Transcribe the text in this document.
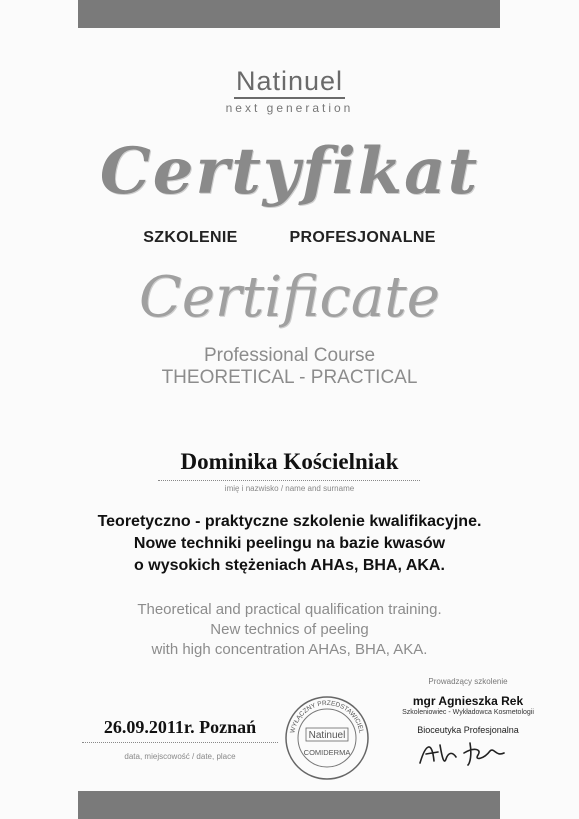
Natinuel
next generation
Certyfikat
SZKOLENIE	PROFESJONALNE
Certificate
Professional Course
THEORETICAL - PRACTICAL
Dominika Kościelniak
imię i nazwisko / name and surname
Teoretyczno - praktyczne szkolenie kwalifikacyjne.
Nowe techniki peelingu na bazie kwasów
o wysokich stężeniach AHAs, BHA, AKA.
Theoretical and practical qualification training.
New technics of peeling
with high concentration AHAs, BHA, AKA.
26.09.2011r. Poznań
data, miejscowość / date, place
WYŁĄCZNY PRZEDSTAWICIEL
Natinuel
COMIDERMA
Prowadzący szkolenie
mgr Agnieszka Rek
Szkoleniowiec - Wykładowca Kosmetologii
Bioceutyka Profesjonalna
